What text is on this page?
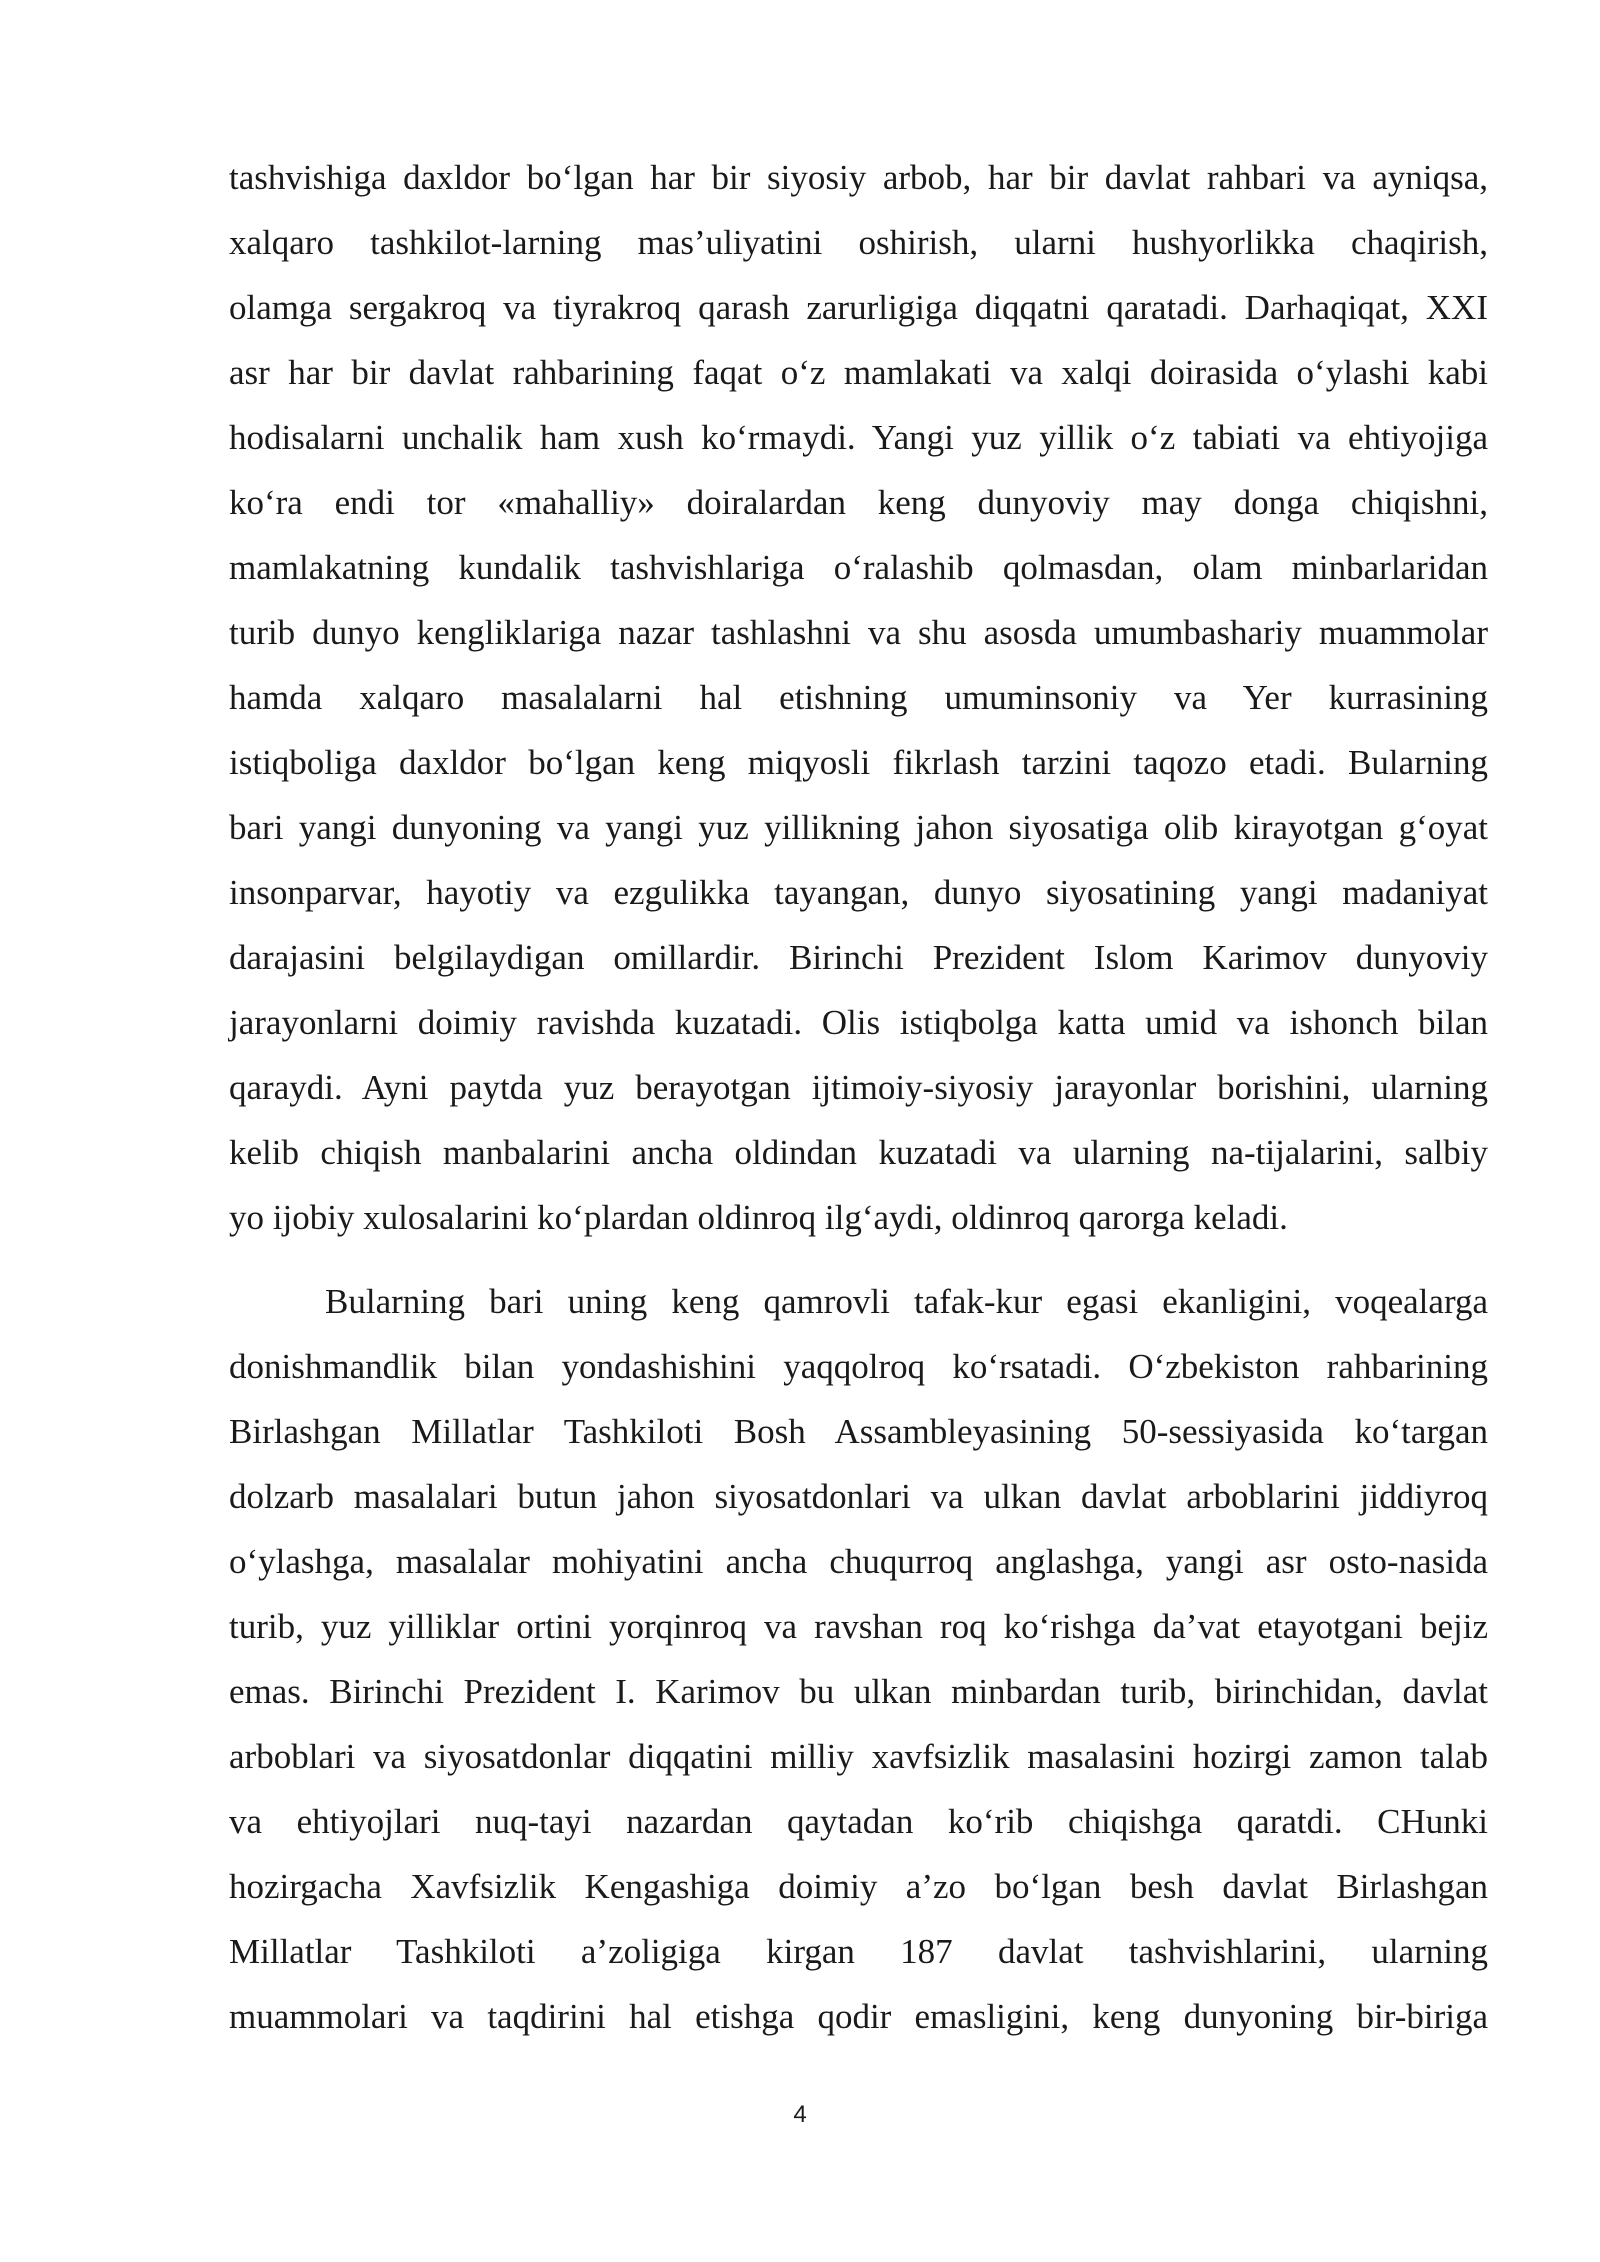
tashvishiga daxldor bo‘lgan har bir siyosiy arbob, har bir davlat rahbari va ayniqsa,
xalqaro tashkilot-larning mas’uliyatini oshirish, ularni hushyorlikka chaqirish,
olamga sergakroq va tiyrakroq qarash zarurligiga diqqatni qaratadi. Darhaqiqat, XXI
asr har bir davlat rahbarining faqat o‘z mamlakati va xalqi doirasida o‘ylashi kabi
hodisalarni unchalik ham xush ko‘rmaydi. Yangi yuz yillik o‘z tabiati va ehtiyojiga
ko‘ra endi tor «mahalliy» doiralardan keng dunyoviy may donga chiqishni,
mamlakatning kundalik tashvishlariga o‘ralashib qolmasdan, olam minbarlaridan
turib dunyo kengliklariga nazar tashlashni va shu asosda umumbashariy muammolar
hamda xalqaro masalalarni hal etishning umuminsoniy va Yer kurrasining
istiqboliga daxldor bo‘lgan keng miqyosli fikrlash tarzini taqozo etadi. Bularning
bari yangi dunyoning va yangi yuz yillikning jahon siyosatiga olib kirayotgan g‘oyat
insonparvar, hayotiy va ezgulikka tayangan, dunyo siyosatining yangi madaniyat
darajasini belgilaydigan omillardir. Birinchi Prezident Islom Karimov dunyoviy
jarayonlarni doimiy ravishda kuzatadi. Olis istiqbolga katta umid va ishonch bilan
qaraydi. Ayni paytda yuz berayotgan ijtimoiy-siyosiy jarayonlar borishini, ularning
kelib chiqish manbalarini ancha oldindan kuzatadi va ularning na-tijalarini, salbiy
yo ijobiy xulosalarini ko‘plardan oldinroq ilg‘aydi, oldinroq qarorga keladi.
Bularning bari uning keng qamrovli tafak-kur egasi ekanligini, voqealarga
donishmandlik bilan yondashishini yaqqolroq ko‘rsatadi. O‘zbekiston rahbarining
Birlashgan Millatlar Tashkiloti Bosh Assambleyasining 50-sessiyasida ko‘targan
dolzarb masalalari butun jahon siyosatdonlari va ulkan davlat arboblarini jiddiyroq
o‘ylashga, masalalar mohiyatini ancha chuqurroq anglashga, yangi asr osto-nasida
turib, yuz yilliklar ortini yorqinroq va ravshan roq ko‘rishga da’vat etayotgani bejiz
emas. Birinchi Prezident I. Karimov bu ulkan minbardan turib, birinchidan, davlat
arboblari va siyosatdonlar diqqatini milliy xavfsizlik masalasini hozirgi zamon talab
va ehtiyojlari nuq-tayi nazardan qaytadan ko‘rib chiqishga qaratdi. CHunki
hozirgacha Xavfsizlik Kengashiga doimiy a’zo bo‘lgan besh davlat Birlashgan
Millatlar Tashkiloti a’zoligiga kirgan 187 davlat tashvishlarini, ularning
muammolari va taqdirini hal etishga qodir emasligini, keng dunyoning bir-biriga
4
